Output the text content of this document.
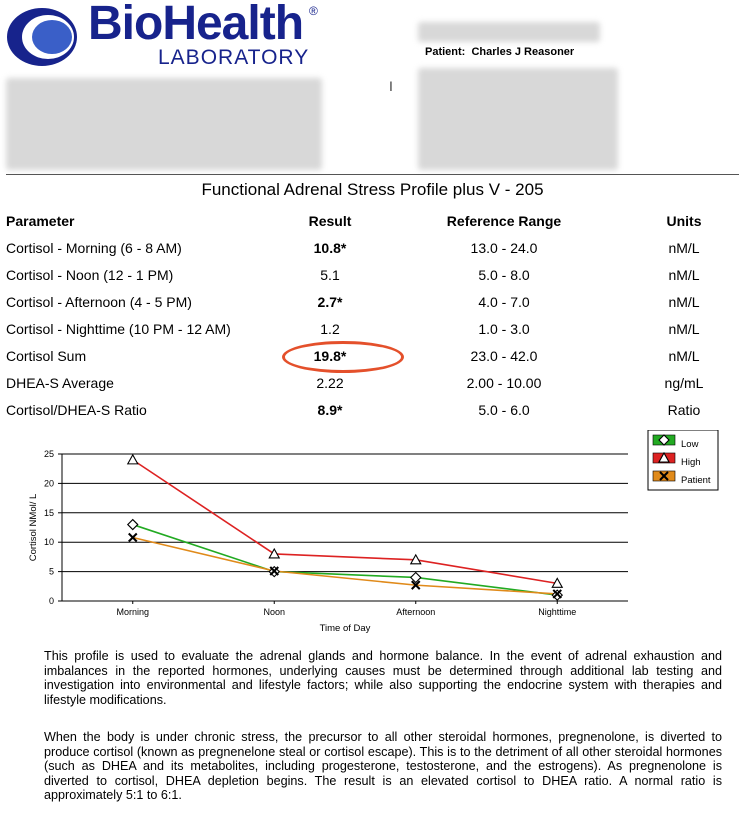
BioHealth ®
LABORATORY	Patient: Charles J Reasoner
I
Functional Adrenal Stress Profile plus V - 205
Parameter	Result	Reference Range	Units
Cortisol - Morning (6 - 8 AM)	10.8*	13.0 - 24.0	nM/L
Cortisol - Noon (12 - 1 PM)	5.1	5.0 - 8.0	nM/L
Cortisol - Afternoon (4 - 5 PM)	2.7*	4.0 - 7.0	nM/L
Cortisol - Nighttime (10 PM - 12 AM)	1.2	1.0 - 3.0	nM/L
Cortisol Sum	19.8*	23.0 - 42.0	nM/L
DHEA-S Average	2.22	2.00 - 10.00	ng/mL
Cortisol/DHEA-S Ratio	8.9*	5.0 - 6.0	Ratio
0
5
10
15
20
25
Morning	Noon	Afternoon	Nighttime
Time of Day
Cortisol NMol/ L
Low
High
Patient
This profile is used to evaluate the adrenal glands and hormone balance. In the event of adrenal exhaustion and imbalances in the reported hormones, underlying causes must be determined through additional lab testing and investigation into environmental and lifestyle factors; while also supporting the endocrine system with therapies and lifestyle modifications.
When the body is under chronic stress, the precursor to all other steroidal hormones, pregnenolone, is diverted to produce cortisol (known as pregnenelone steal or cortisol escape). This is to the detriment of all other steroidal hormones (such as DHEA and its metabolites, including progesterone, testosterone, and the estrogens). As pregnenolone is diverted to cortisol, DHEA depletion begins. The result is an elevated cortisol to DHEA ratio. A normal ratio is approximately 5:1 to 6:1.
